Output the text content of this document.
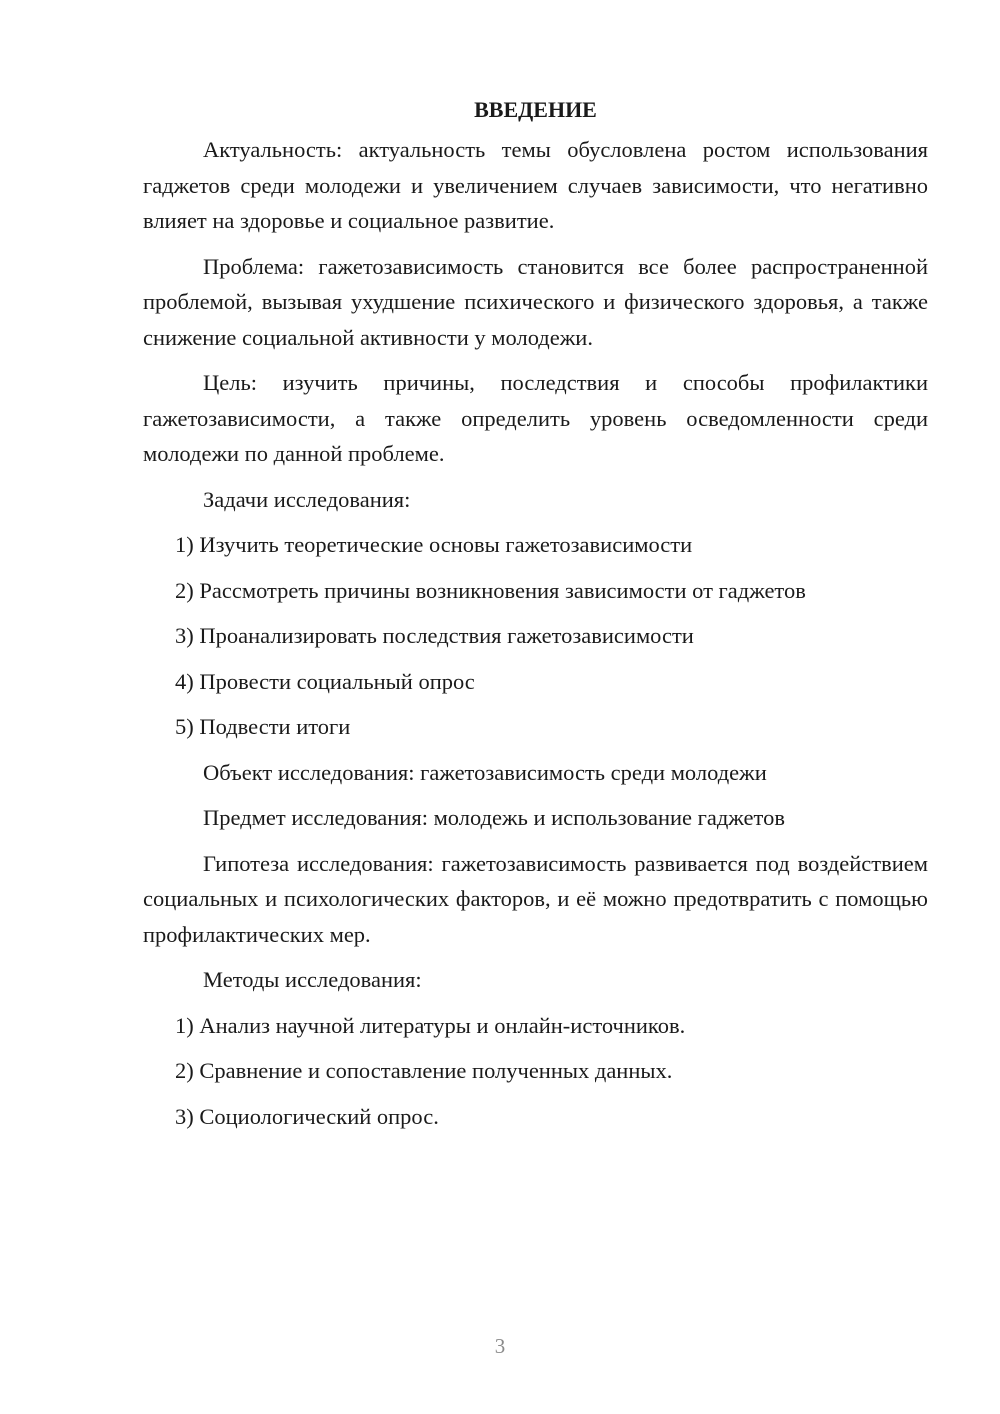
ВВЕДЕНИЕ

Актуальность: актуальность темы обусловлена ростом использования гаджетов среди молодежи и увеличением случаев зависимости, что негативно влияет на здоровье и социальное развитие.

Проблема: гажетозависимость становится все более распространенной проблемой, вызывая ухудшение психического и физического здоровья, а также снижение социальной активности у молодежи.

Цель: изучить причины, последствия и способы профилактики гажетозависимости, а также определить уровень осведомленности среди молодежи по данной проблеме.

Задачи исследования:
1) Изучить теоретические основы гажетозависимости
2) Рассмотреть причины возникновения зависимости от гаджетов
3) Проанализировать последствия гажетозависимости
4) Провести социальный опрос
5) Подвести итоги
Объект исследования: гажетозависимость среди молодежи
Предмет исследования: молодежь и использование гаджетов

Гипотеза исследования: гажетозависимость развивается под воздействием социальных и психологических факторов, и её можно предотвратить с помощью профилактических мер.

Методы исследования:
1) Анализ научной литературы и онлайн-источников.
2) Сравнение и сопоставление полученных данных.
3) Социологический опрос.
3
